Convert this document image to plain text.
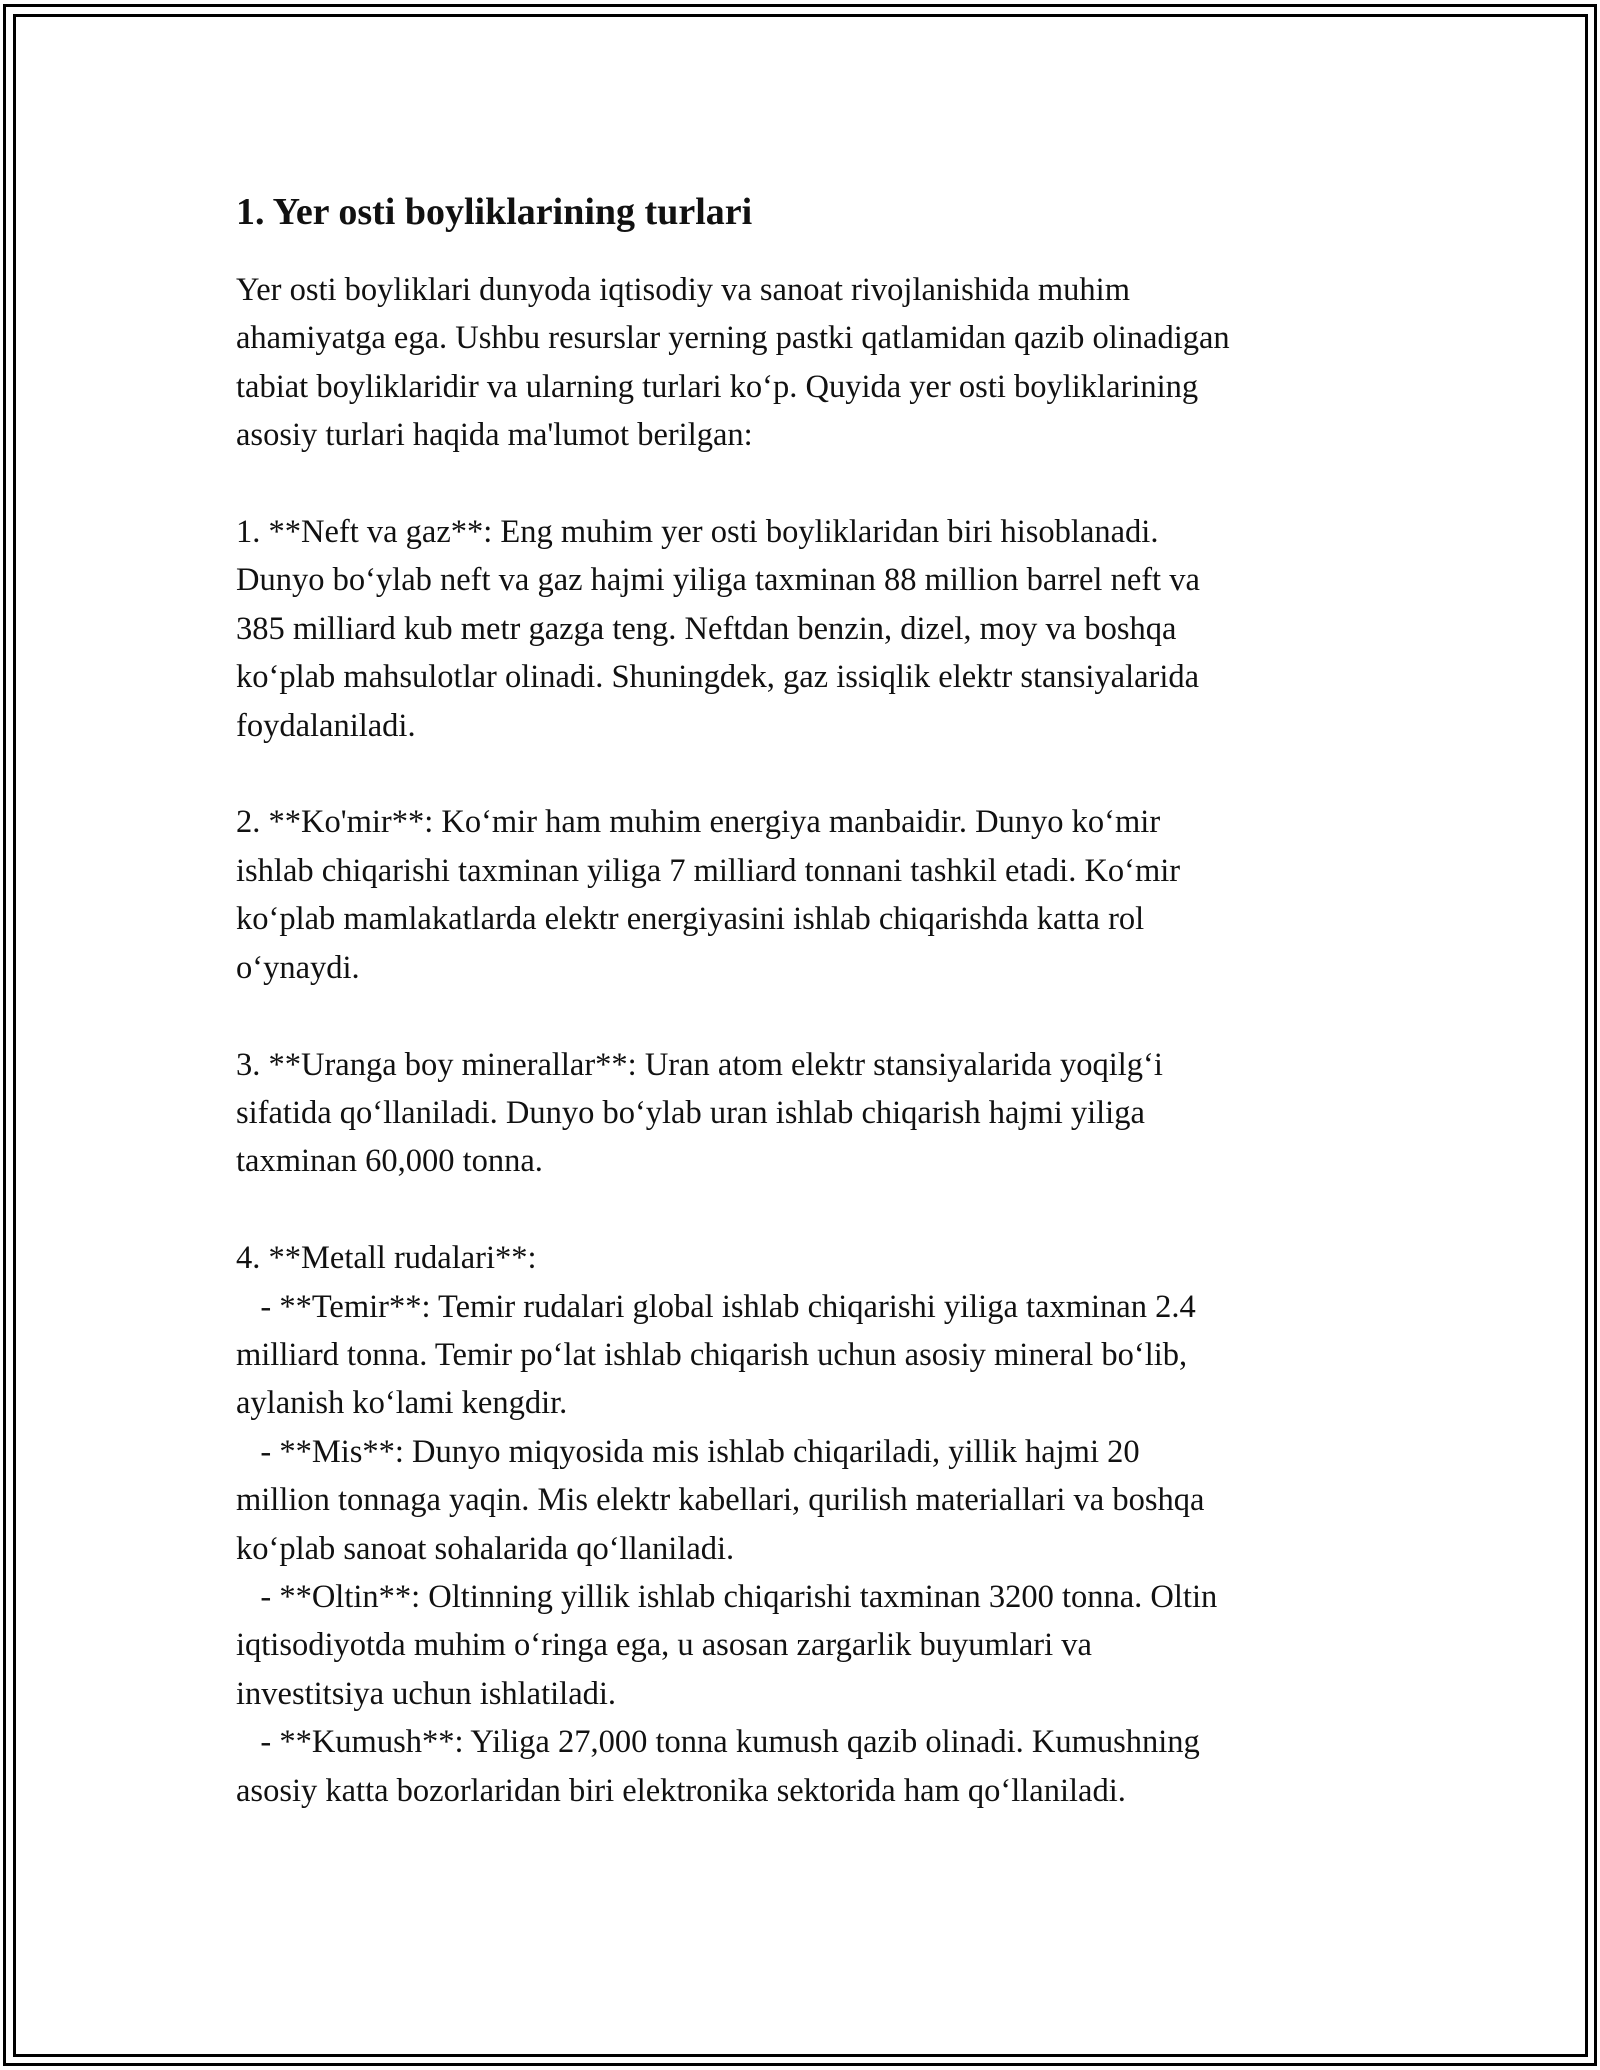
1. Yer osti boyliklarining turlari

Yer osti boyliklari dunyoda iqtisodiy va sanoat rivojlanishida muhim
ahamiyatga ega. Ushbu resurslar yerning pastki qatlamidan qazib olinadigan
tabiat boyliklaridir va ularning turlari ko‘p. Quyida yer osti boyliklarining
asosiy turlari haqida ma'lumot berilgan:

1. **Neft va gaz**: Eng muhim yer osti boyliklaridan biri hisoblanadi.
Dunyo bo‘ylab neft va gaz hajmi yiliga taxminan 88 million barrel neft va
385 milliard kub metr gazga teng. Neftdan benzin, dizel, moy va boshqa
ko‘plab mahsulotlar olinadi. Shuningdek, gaz issiqlik elektr stansiyalarida
foydalaniladi.

2. **Ko'mir**: Ko‘mir ham muhim energiya manbaidir. Dunyo ko‘mir
ishlab chiqarishi taxminan yiliga 7 milliard tonnani tashkil etadi. Ko‘mir
ko‘plab mamlakatlarda elektr energiyasini ishlab chiqarishda katta rol
o‘ynaydi.

3. **Uranga boy minerallar**: Uran atom elektr stansiyalarida yoqilg‘i
sifatida qo‘llaniladi. Dunyo bo‘ylab uran ishlab chiqarish hajmi yiliga
taxminan 60,000 tonna.

4. **Metall rudalari**:
- **Temir**: Temir rudalari global ishlab chiqarishi yiliga taxminan 2.4
milliard tonna. Temir po‘lat ishlab chiqarish uchun asosiy mineral bo‘lib,
aylanish ko‘lami kengdir.
- **Mis**: Dunyo miqyosida mis ishlab chiqariladi, yillik hajmi 20
million tonnaga yaqin. Mis elektr kabellari, qurilish materiallari va boshqa
ko‘plab sanoat sohalarida qo‘llaniladi.
- **Oltin**: Oltinning yillik ishlab chiqarishi taxminan 3200 tonna. Oltin
iqtisodiyotda muhim o‘ringa ega, u asosan zargarlik buyumlari va
investitsiya uchun ishlatiladi.
- **Kumush**: Yiliga 27,000 tonna kumush qazib olinadi. Kumushning
asosiy katta bozorlaridan biri elektronika sektorida ham qo‘llaniladi.
